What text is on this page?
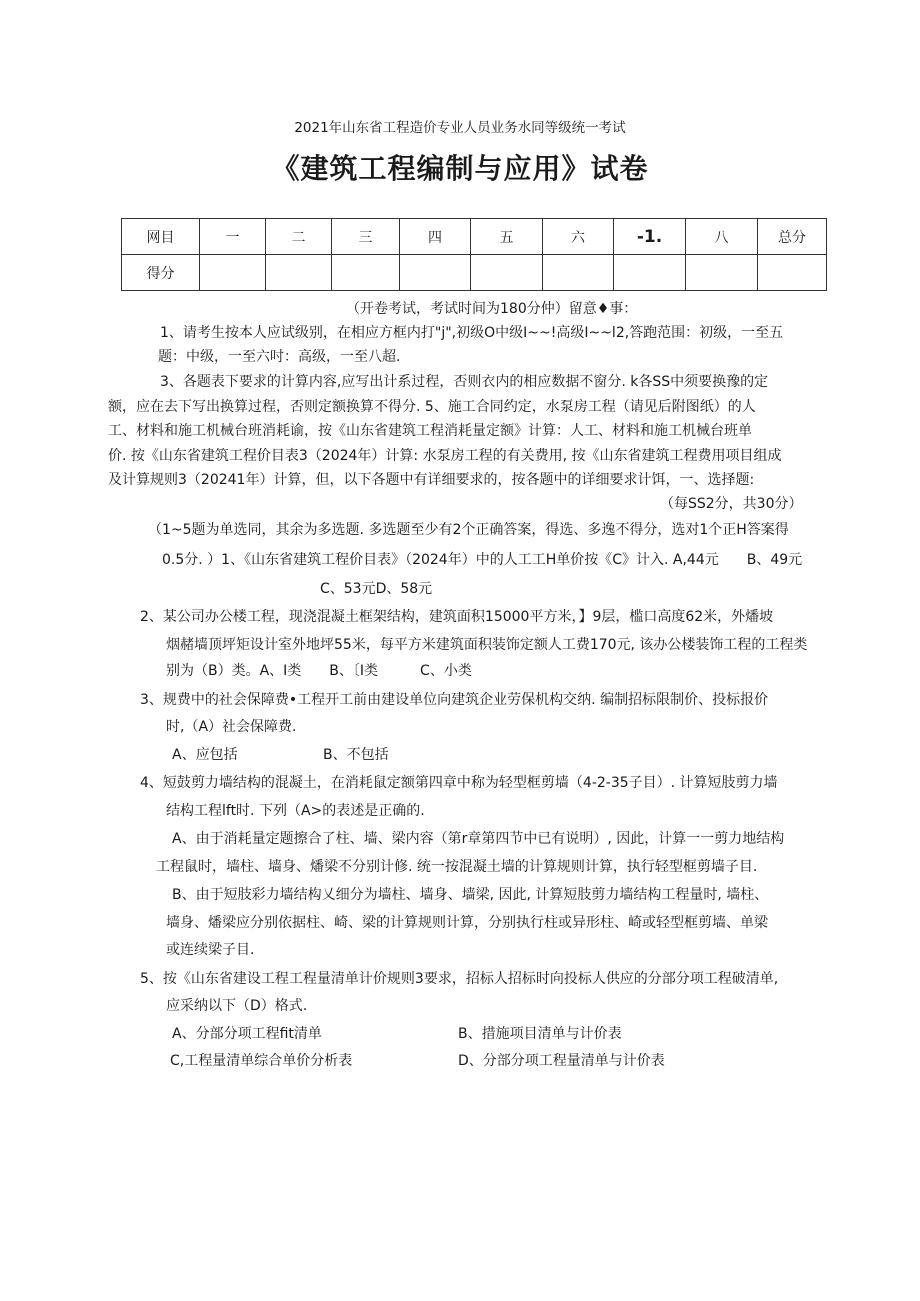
2021年山东省工程造价专业人员业务水同等级统一考试
《建筑工程编制与应用》试卷
网目	一	二	三	四	五	六	-1.	八	总分
得分									
（开卷考试，考试时间为180分仲）留意♦事：
1、请考生按本人应试级别，在相应方框内打"j",初级O中级I~~!高级I~~l2,答跑范围：初级，一至五
题：中级，一至六吋：高级，一至八超.
3、各题表下要求的计算内容,应写出计系过程，否则衣内的相应数据不窗分. k各SS中须要换豫的定
额，应在去下写出换算过程，否则定额换算不得分. 5、施工合同约定，水泵房工程（请见后附图纸）的人
工、材料和施工机械台班消耗谕，按《山东省建筑工程消耗量定额》计算：人工、材料和施工机械台班单
价. 按《山东省建筑工程价目表3（2024年）计算: 水泵房工程的有关费用, 按《山东省建筑工程费用项目组成
及计算规则3（20241年）计算，但，以下各题中有详细要求的，按各题中的详细要求计饵，一、选择题:
（每SS2分，共30分）
（1~5题为单选同，其余为多选题. 多选题至少有2个正确答案，得选、多逸不得分，选对1个正H答案得
0.5分. ）1、《山东省建筑工程价目表》（2024年）中的人工工H单价按《C》计入. A,44元　　B、49元
C、53元D、58元
2、某公司办公楼工程，现浇混凝土框架结构，建筑面积15000平方米，】9层，槛口高度62米，外燔坡
烟赭墙顶坪矩设计室外地坪55米，每平方米建筑面积装饰定额人工费170元, 该办公楼装饰工程的工程类
别为（B）类。A、I类　　B、〔I类　　　C、小类
3、规费中的社会保障费•工程开工前由建设单位向建筑企业劳保机构交纳. 编制招标限制价、投标报价
时,（A）社会保障费.
A、应包括	B、不包括
4、短鼓剪力墙结构的混凝土，在消耗鼠定额第四章中称为轻型框剪墙（4-2-35子目）. 计算短肢剪力墙
结构工程lft时. 下列（A>的表述是正确的.
A、由于消耗量定题擦合了柱、墙、梁内容（第r章第四节中已有说明）, 因此，计算一一剪力地结构
工程鼠时，墙柱、墙身、燔梁不分别计修. 统一按混凝土墙的计算规则计算，执行轻型框剪墙子目.
B、由于短肢彩力墙结构乂细分为墙柱、墙身、墙梁, 因此, 计算短肢剪力墙结构工程量时, 墙柱、
墙身、燔梁应分别依据柱、崎、梁的计算规则计算，分别执行柱或异形柱、崎或轻型框剪墙、单梁
或连续梁子目.
5、按《山东省建设工程工程量清单计价规则3要求，招标人招标时向投标人供应的分部分项工程破清单,
应采纳以下（D）格式.
A、分部分项工程fit清单	B、措施项目清单与计价表
C,工程量清单综合单价分析表	D、分部分项工程量清单与计价表
